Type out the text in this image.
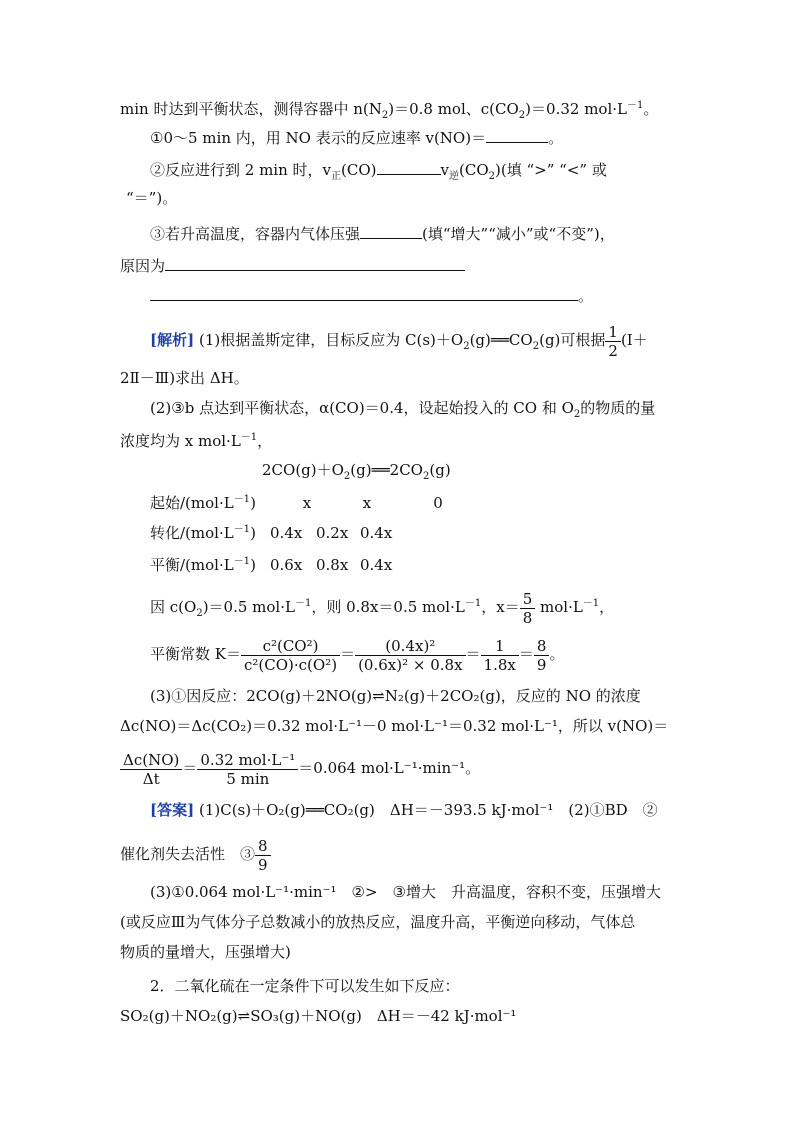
min 时达到平衡状态，测得容器中 $n(N_2)=0.8$ mol、$c(CO_2)=0.32$ $mol\cdot L^{-1}$。
①0～5 min 内，用 NO 表示的反应速率 v(NO)＝	。
②反应进行到 2 min 时，$v_正(CO)$	$v_逆(CO_2)$(填 “>” “<” 或
“＝”)。
③若升高温度，容器内气体压强	(填“增大”“减小”或“不变”)，
原因为
。
[解析] (1)根据盖斯定律，目标反应为 $C(s)+O_2(g)══CO_2(g)$可根据 $\frac{1}{2}$ (Ⅰ＋
2Ⅱ－Ⅲ)求出 ΔH。
(2)③b 点达到平衡状态，α(CO)＝0.4，设起始投入的 CO 和 $O_2$的物质的量
浓度均为 x $mol\cdot L^{-1}$，
$2CO(g)+O_2(g)══2CO_2(g)$
起始$/(mol\cdot L^{-1})$	x	x	0
转化$/(mol\cdot L^{-1})$ 0.4x 0.2x 0.4x
平衡$/(mol\cdot L^{-1})$ 0.6x 0.8x 0.4x
因 $c(O_2)=0.5$ $mol\cdot L^{-1}$，则 0.8x＝0.5 $mol\cdot L^{-1}$，$x= \frac{5}{8} mol\cdot L^{-1}$，
平衡常数 $K= \frac{\text{c²(CO²)}}{\text{c²(CO)·c(O²)}} = \frac{\text{(0.4x)²}}{\text{(0.6x)² × 0.8x}} = \frac{1}{1.8x} = \frac{8}{9}$ 。
(3)①因反应：2CO(g)＋2NO(g)⇌N₂(g)＋2CO₂(g)，反应的 NO 的浓度
Δc(NO)＝Δc(CO₂)＝0.32 mol·L⁻¹－0 mol·L⁻¹＝0.32 mol·L⁻¹，所以 v(NO)＝
$\frac{\Delta c(NO)}{\Delta t} = \frac{\text{0.32 mol·L⁻¹}}{5 \min} =0.064$ mol·L⁻¹·min⁻¹。
[答案] (1)C(s)＋O₂(g)══CO₂(g)　ΔH＝－393.5 kJ·mol⁻¹　(2)①BD　②
催化剂失去活性　③ $\frac{8}{9}$
(3)①0.064 mol·L⁻¹·min⁻¹　②>　③增大　升高温度，容积不变，压强增大
(或反应Ⅲ为气体分子总数减小的放热反应，温度升高，平衡逆向移动，气体总
物质的量增大，压强增大)
2．二氧化硫在一定条件下可以发生如下反应：
SO₂(g)＋NO₂(g)⇌SO₃(g)＋NO(g)　ΔH＝－42 kJ·mol⁻¹
